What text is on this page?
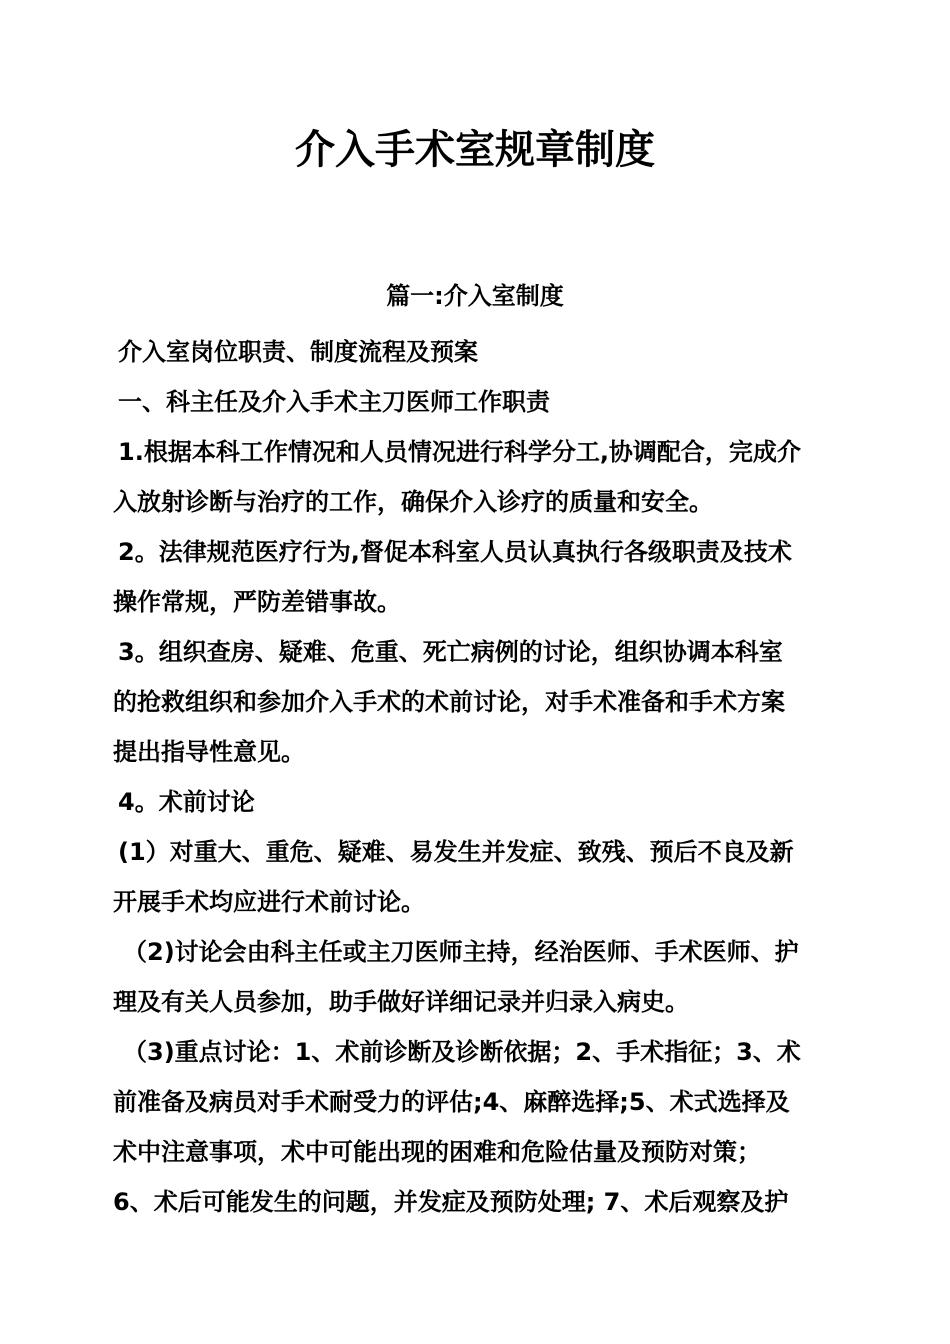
介入手术室规章制度
篇一:介入室制度

介入室岗位职责、制度流程及预案

一、科主任及介入手术主刀医师工作职责

1.根据本科工作情况和人员情况进行科学分工,协调配合，完成介

入放射诊断与治疗的工作，确保介入诊疗的质量和安全。

2。法律规范医疗行为,督促本科室人员认真执行各级职责及技术

操作常规，严防差错事故。

3。组织查房、疑难、危重、死亡病例的讨论，组织协调本科室

的抢救组织和参加介入手术的术前讨论，对手术准备和手术方案

提出指导性意见。

4。术前讨论

(1）对重大、重危、疑难、易发生并发症、致残、预后不良及新

开展手术均应进行术前讨论。

（2)讨论会由科主任或主刀医师主持，经治医师、手术医师、护

理及有关人员参加，助手做好详细记录并归录入病史。

（3)重点讨论：1、术前诊断及诊断依据；2、手术指征；3、术

前准备及病员对手术耐受力的评估;4、麻醉选择;5、术式选择及

术中注意事项，术中可能出现的困难和危险估量及预防对策；

6、术后可能发生的问题，并发症及预防处理; 7、术后观察及护
